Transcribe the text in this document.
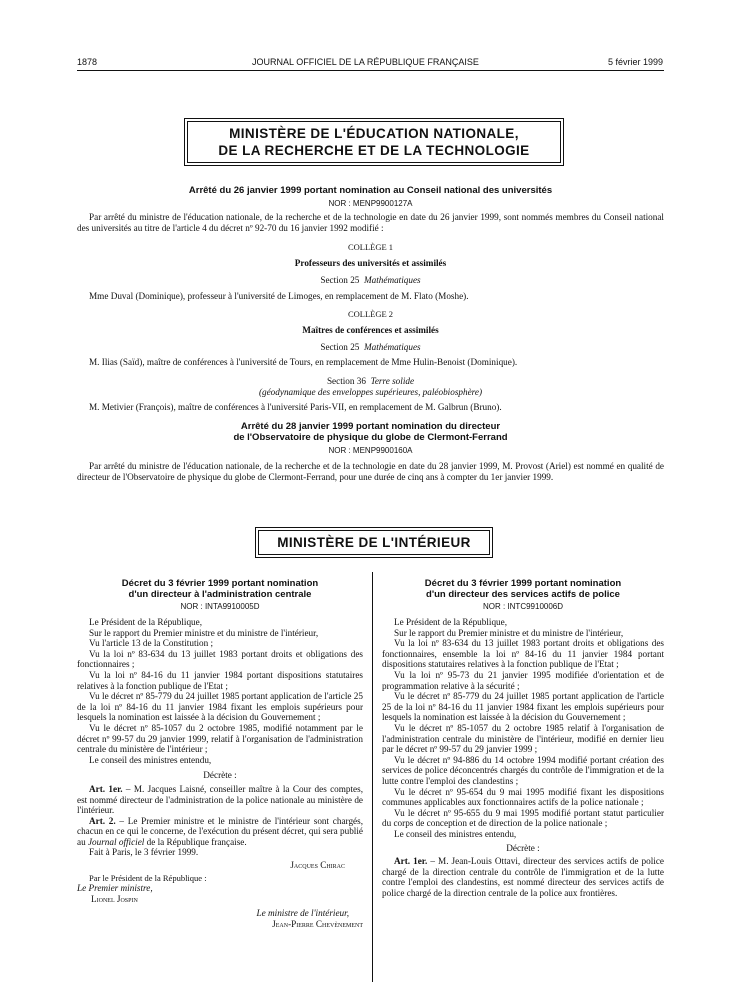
1878	JOURNAL OFFICIEL DE LA RÉPUBLIQUE FRANÇAISE	5 février 1999
MINISTÈRE DE L'ÉDUCATION NATIONALE,
DE LA RECHERCHE ET DE LA TECHNOLOGIE
Arrêté du 26 janvier 1999 portant nomination au Conseil national des universités
NOR : MENP9900127A
Par arrêté du ministre de l'éducation nationale, de la recherche et de la technologie en date du 26 janvier 1999, sont nommés membres du Conseil national des universités au titre de l'article 4 du décret nº 92-70 du 16 janvier 1992 modifié :
COLLÈGE 1
Professeurs des universités et assimilés
Section 25 Mathématiques
Mme Duval (Dominique), professeur à l'université de Limoges, en remplacement de M. Flato (Moshe).
COLLÈGE 2
Maîtres de conférences et assimilés
Section 25 Mathématiques
M. Ilias (Saïd), maître de conférences à l'université de Tours, en remplacement de Mme Hulin-Benoist (Dominique).
Section 36 Terre solide
(géodynamique des enveloppes supérieures, paléobiosphère)
M. Metivier (François), maître de conférences à l'université Paris-VII, en remplacement de M. Galbrun (Bruno).
Arrêté du 28 janvier 1999 portant nomination du directeur
de l'Observatoire de physique du globe de Clermont-Ferrand
NOR : MENP9900160A
Par arrêté du ministre de l'éducation nationale, de la recherche et de la technologie en date du 28 janvier 1999, M. Provost (Ariel) est nommé en qualité de directeur de l'Observatoire de physique du globe de Clermont-Ferrand, pour une durée de cinq ans à compter du 1er janvier 1999.
MINISTÈRE DE L'INTÉRIEUR
Décret du 3 février 1999 portant nomination
d'un directeur à l'administration centrale
NOR : INTA9910005D

Le Président de la République,

Sur le rapport du Premier ministre et du ministre de l'intérieur,

Vu l'article 13 de la Constitution ;

Vu la loi nº 83-634 du 13 juillet 1983 portant droits et obligations des fonctionnaires ;

Vu la loi nº 84-16 du 11 janvier 1984 portant dispositions statutaires relatives à la fonction publique de l'Etat ;

Vu le décret nº 85-779 du 24 juillet 1985 portant application de l'article 25 de la loi nº 84-16 du 11 janvier 1984 fixant les emplois supérieurs pour lesquels la nomination est laissée à la décision du Gouvernement ;

Vu le décret nº 85-1057 du 2 octobre 1985, modifié notamment par le décret nº 99-57 du 29 janvier 1999, relatif à l'organisation de l'administration centrale du ministère de l'intérieur ;

Le conseil des ministres entendu,

Décrète :

Art. 1er. – M. Jacques Laisné, conseiller maître à la Cour des comptes, est nommé directeur de l'administration de la police nationale au ministère de l'intérieur.

Art. 2. – Le Premier ministre et le ministre de l'intérieur sont chargés, chacun en ce qui le concerne, de l'exécution du présent décret, qui sera publié au Journal officiel de la République française.

Fait à Paris, le 3 février 1999.

Jacques Chirac

Par le Président de la République :

Le Premier ministre,

Lionel Jospin

Le ministre de l'intérieur,

Jean-Pierre Chevènement

Décret du 3 février 1999 portant nomination
d'un directeur des services actifs de police
NOR : INTC9910006D

Le Président de la République,

Sur le rapport du Premier ministre et du ministre de l'intérieur,

Vu la loi nº 83-634 du 13 juillet 1983 portant droits et obligations des fonctionnaires, ensemble la loi nº 84-16 du 11 janvier 1984 portant dispositions statutaires relatives à la fonction publique de l'Etat ;

Vu la loi nº 95-73 du 21 janvier 1995 modifiée d'orientation et de programmation relative à la sécurité ;

Vu le décret nº 85-779 du 24 juillet 1985 portant application de l'article 25 de la loi nº 84-16 du 11 janvier 1984 fixant les emplois supérieurs pour lesquels la nomination est laissée à la décision du Gouvernement ;

Vu le décret nº 85-1057 du 2 octobre 1985 relatif à l'organisation de l'administration centrale du ministère de l'intérieur, modifié en dernier lieu par le décret nº 99-57 du 29 janvier 1999 ;

Vu le décret nº 94-886 du 14 octobre 1994 modifié portant création des services de police déconcentrés chargés du contrôle de l'immigration et de la lutte contre l'emploi des clandestins ;

Vu le décret nº 95-654 du 9 mai 1995 modifié fixant les dispositions communes applicables aux fonctionnaires actifs de la police nationale ;

Vu le décret nº 95-655 du 9 mai 1995 modifié portant statut particulier du corps de conception et de direction de la police nationale ;

Le conseil des ministres entendu,

Décrète :

Art. 1er. – M. Jean-Louis Ottavi, directeur des services actifs de police chargé de la direction centrale du contrôle de l'immigration et de la lutte contre l'emploi des clandestins, est nommé directeur des services actifs de police chargé de la direction centrale de la police aux frontières.
